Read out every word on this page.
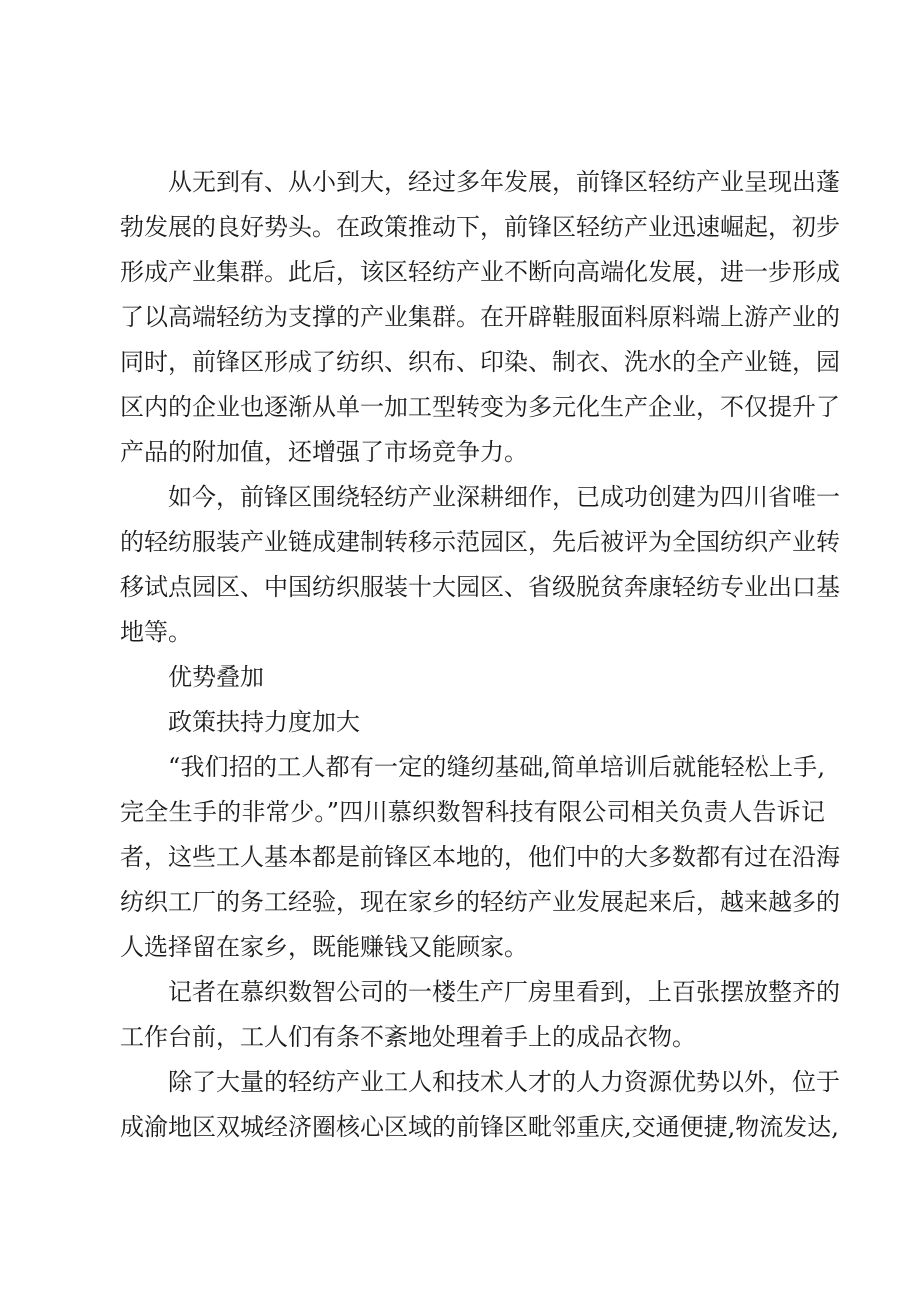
从无到有、从小到大，经过多年发展，前锋区轻纺产业呈现出蓬
勃发展的良好势头。在政策推动下，前锋区轻纺产业迅速崛起，初步
形成产业集群。此后，该区轻纺产业不断向高端化发展，进一步形成
了以高端轻纺为支撑的产业集群。在开辟鞋服面料原料端上游产业的
同时，前锋区形成了纺织、织布、印染、制衣、洗水的全产业链，园
区内的企业也逐渐从单一加工型转变为多元化生产企业，不仅提升了
产品的附加值，还增强了市场竞争力。
如今，前锋区围绕轻纺产业深耕细作，已成功创建为四川省唯一
的轻纺服装产业链成建制转移示范园区，先后被评为全国纺织产业转
移试点园区、中国纺织服装十大园区、省级脱贫奔康轻纺专业出口基
地等。
优势叠加
政策扶持力度加大
“我们招的工人都有一定的缝纫基础,简单培训后就能轻松上手,
完全生手的非常少。”四川慕织数智科技有限公司相关负责人告诉记
者，这些工人基本都是前锋区本地的，他们中的大多数都有过在沿海
纺织工厂的务工经验，现在家乡的轻纺产业发展起来后，越来越多的
人选择留在家乡，既能赚钱又能顾家。
记者在慕织数智公司的一楼生产厂房里看到，上百张摆放整齐的
工作台前，工人们有条不紊地处理着手上的成品衣物。
除了大量的轻纺产业工人和技术人才的人力资源优势以外，位于
成渝地区双城经济圈核心区域的前锋区毗邻重庆,交通便捷,物流发达,
